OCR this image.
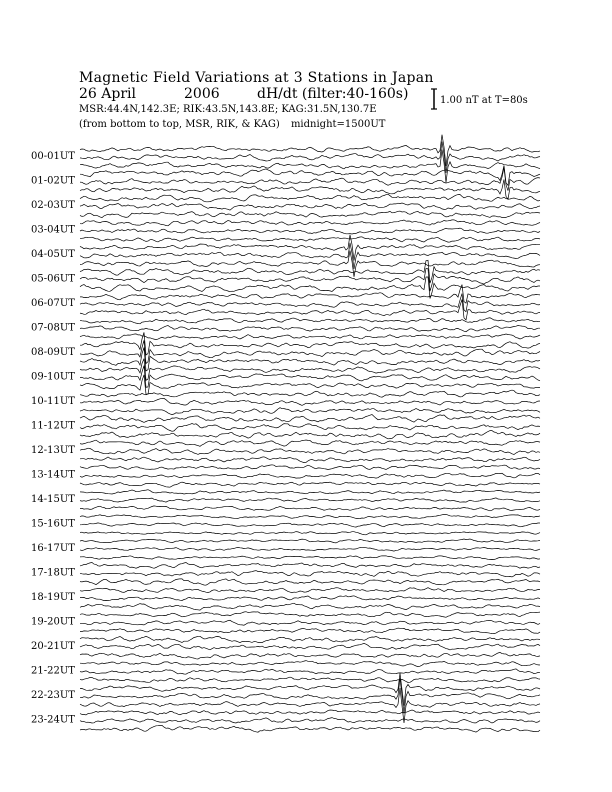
Magnetic Field Variations at 3 Stations in Japan
26 April	2006	dH/dt (filter:40-160s)
MSR:44.4N,142.3E; RIK:43.5N,143.8E; KAG:31.5N,130.7E
(from bottom to top, MSR, RIK, & KAG) midnight=1500UT
1.00 nT at T=80s
00-01UT
01-02UT
02-03UT
03-04UT
04-05UT
05-06UT
06-07UT
07-08UT
08-09UT
09-10UT
10-11UT
11-12UT
12-13UT
13-14UT
14-15UT
15-16UT
16-17UT
17-18UT
18-19UT
19-20UT
20-21UT
21-22UT
22-23UT
23-24UT
